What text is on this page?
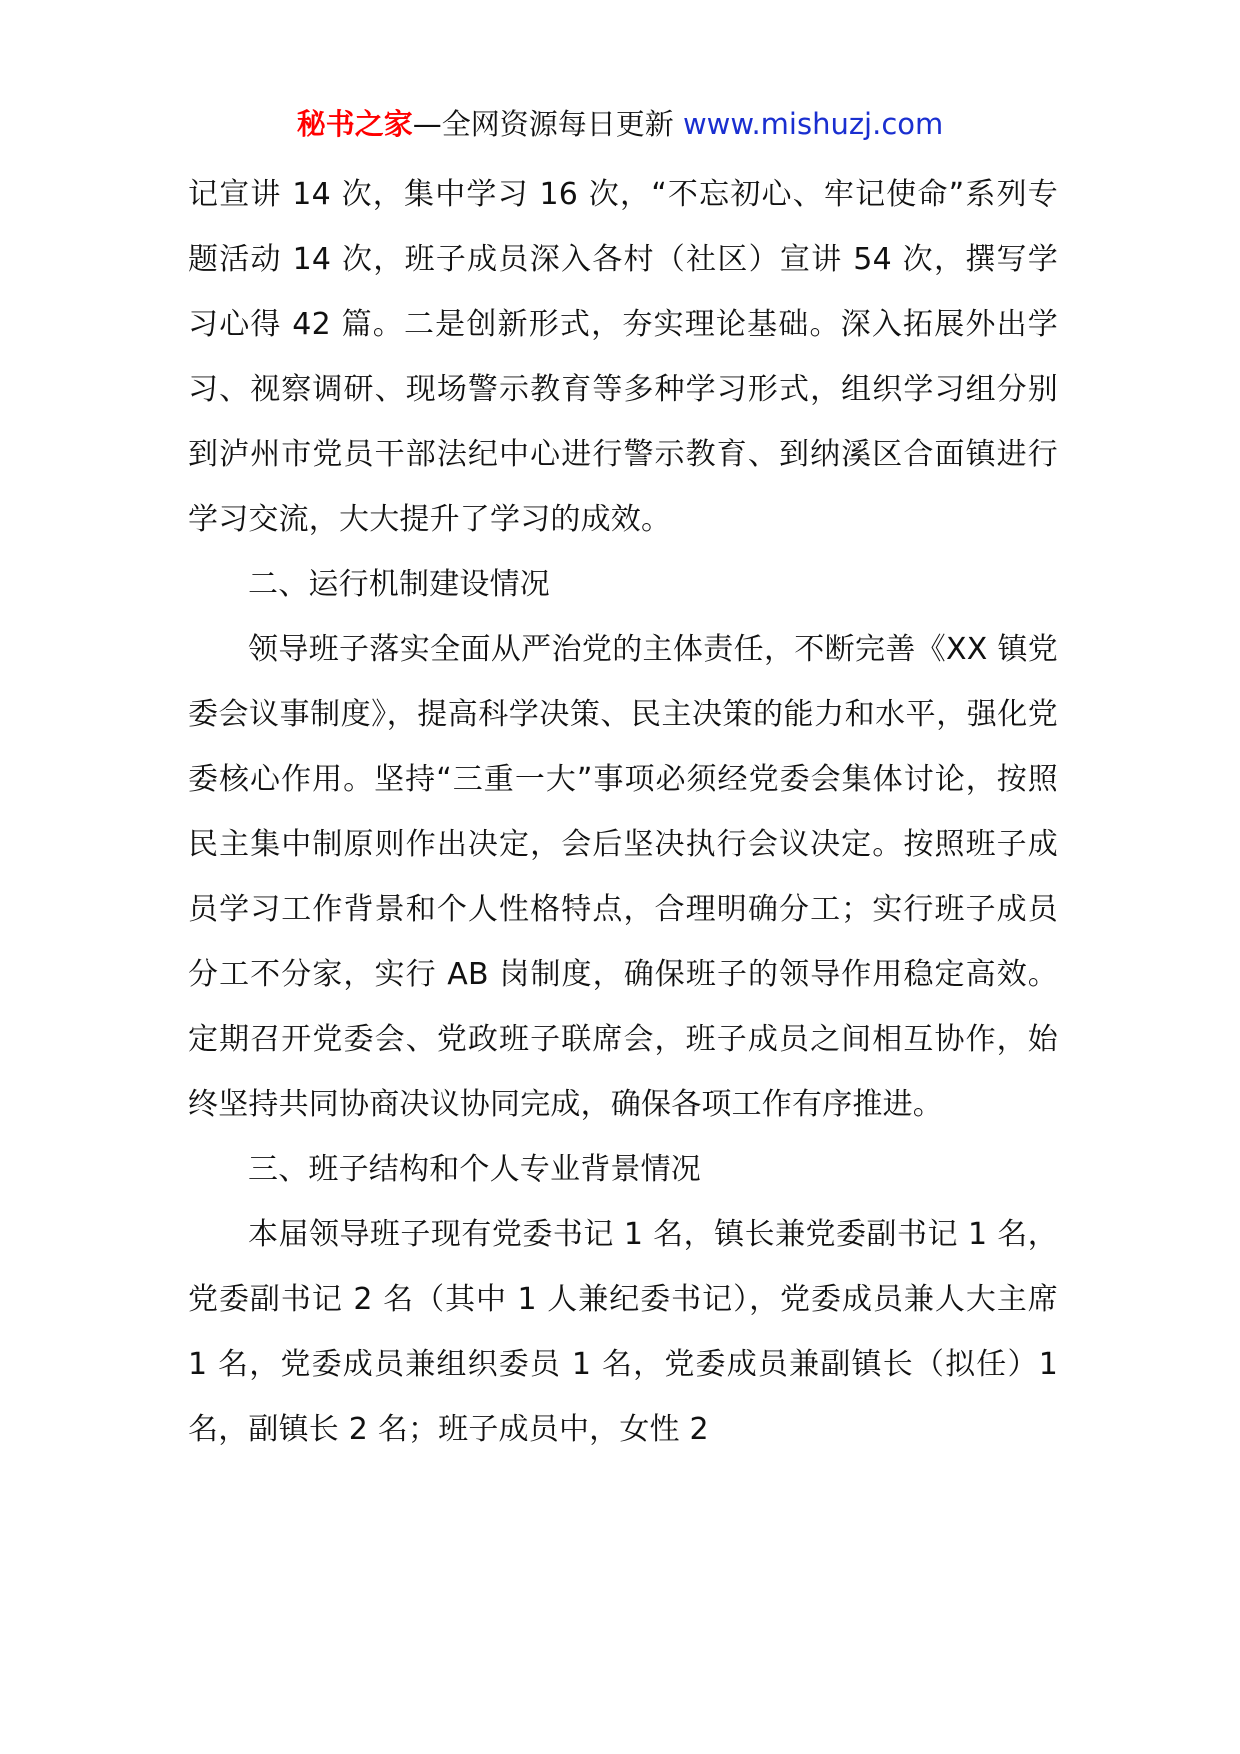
秘书之家—全网资源每日更新 www.mishuzj.com

记宣讲 14 次，集中学习 16 次，“不忘初心、牢记使命”系列专题活动 14 次，班子成员深入各村（社区）宣讲 54 次，撰写学习心得 42 篇。二是创新形式，夯实理论基础。深入拓展外出学习、视察调研、现场警示教育等多种学习形式，组织学习组分别到泸州市党员干部法纪中心进行警示教育、到纳溪区合面镇进行学习交流，大大提升了学习的成效。

二、运行机制建设情况

领导班子落实全面从严治党的主体责任，不断完善《XX 镇党委会议事制度》，提高科学决策、民主决策的能力和水平，强化党委核心作用。坚持“三重一大”事项必须经党委会集体讨论，按照民主集中制原则作出决定，会后坚决执行会议决定。按照班子成员学习工作背景和个人性格特点，合理明确分工；实行班子成员分工不分家，实行 AB 岗制度，确保班子的领导作用稳定高效。定期召开党委会、党政班子联席会，班子成员之间相互协作，始终坚持共同协商决议协同完成，确保各项工作有序推进。

三、班子结构和个人专业背景情况

本届领导班子现有党委书记 1 名，镇长兼党委副书记 1 名，党委副书记 2 名（其中 1 人兼纪委书记），党委成员兼人大主席 1 名，党委成员兼组织委员 1 名，党委成员兼副镇长（拟任）1 名，副镇长 2 名；班子成员中，女性 2
